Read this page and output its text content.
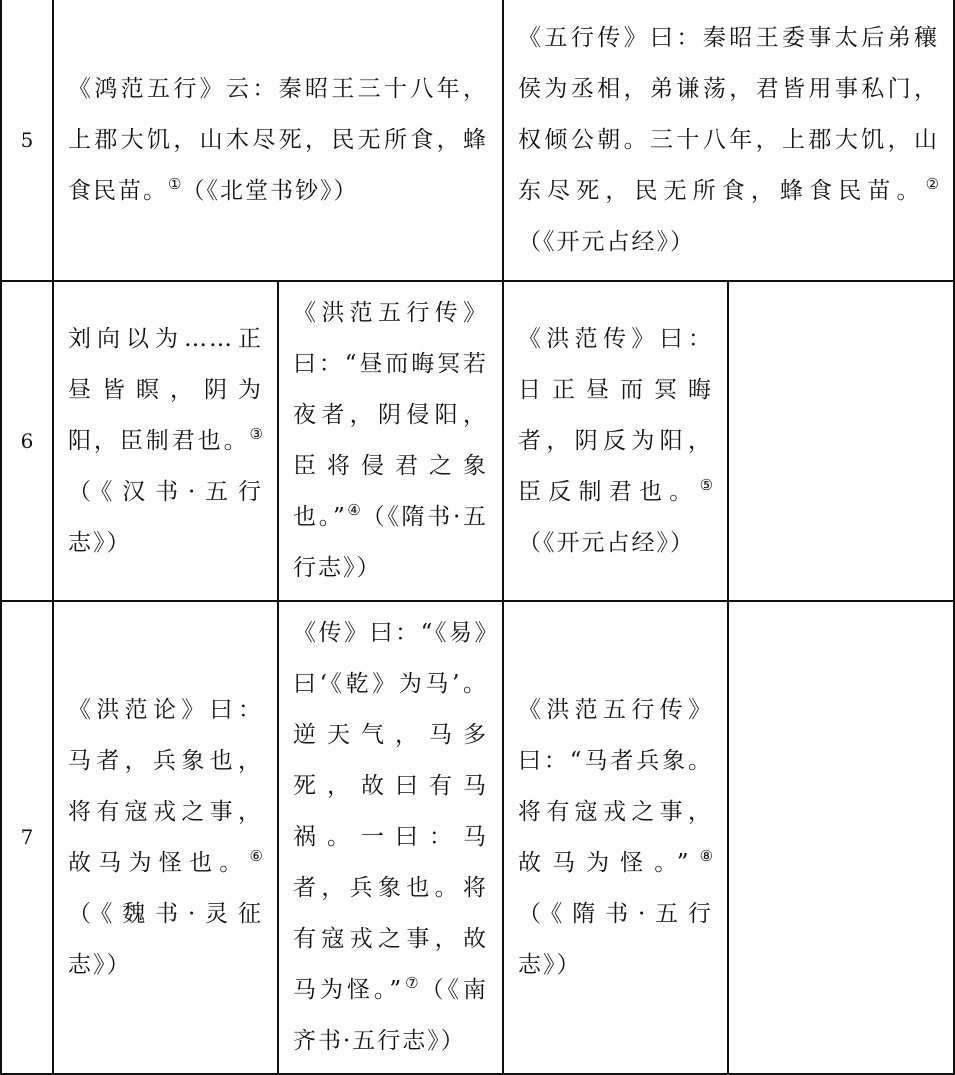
5	《鸿范五行》云：秦昭王三十八年，上郡大饥，山木尽死，民无所食，蜂食民苗。①（《北堂书钞》）		《五行传》曰：秦昭王委事太后弟穰侯为丞相，弟谦荡，君皆用事私门，权倾公朝。三十八年，上郡大饥，山东尽死，民无所食，蜂食民苗。②（《开元占经》）	
6	刘向以为……正昼皆瞑，阴为阳，臣制君也。③（《汉书·五行志》）	《洪范五行传》曰：“昼而晦冥若夜者，阴侵阳，臣将侵君之象也。”④（《隋书·五行志》）	《洪范传》曰：日正昼而冥晦者，阴反为阳，臣反制君也。⑤（《开元占经》）	
7	《洪范论》曰：马者，兵象也，将有寇戎之事，故马为怪也。⑥（《魏书·灵征志》）	《传》曰：“《易》曰‘《乾》为马’。逆天气，马多死，故曰有马祸。一曰：马者，兵象也。将有寇戎之事，故马为怪。”⑦（《南齐书·五行志》）	《洪范五行传》曰：“马者兵象。将有寇戎之事，故马为怪。”⑧（《隋书·五行志》）	
